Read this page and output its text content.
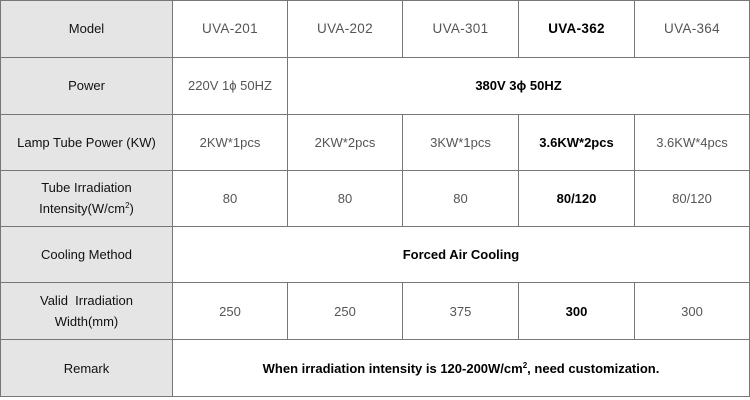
Model	UVA-201	UVA-202	UVA-301	UVA-362	UVA-364
Power	220V 1ϕ 50HZ	380V 3ϕ 50HZ			
Lamp Tube Power (KW)	2KW*1pcs	2KW*2pcs	3KW*1pcs	3.6KW*2pcs	3.6KW*4pcs
Tube Irradiation
$Intensity(W/cm^2)$	80	80	80	80/120	80/120
Cooling Method	Forced Air Cooling				
Valid  Irradiation
Width(mm)	250	250	375	300	300
Remark	When irradiation intensity is $120-200W/cm^2$, need customization.				
